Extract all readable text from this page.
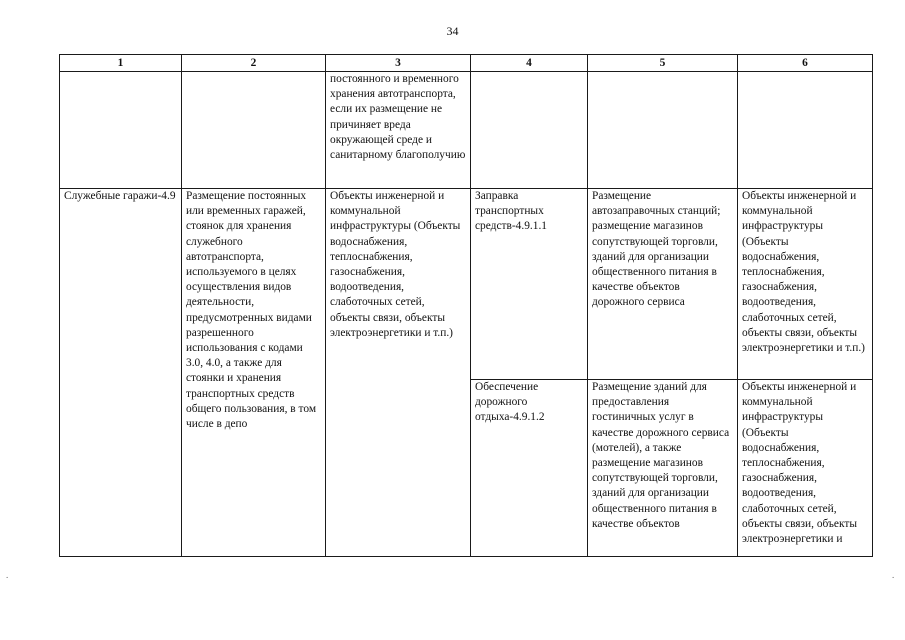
34
1	2	3	4	5	6

		постоянного и временного хранения автотранспорта, если их размещение не причиняет вреда окружающей среде и санитарному благополучию			

Служебные гаражи-4.9	Размещение постоянных или временных гаражей, стоянок для хранения служебного автотранспорта, используемого в целях осуществления видов деятельности, предусмотренных видами разрешенного использования с кодами 3.0, 4.0, а также для стоянки и хранения транспортных средств общего пользования, в том числе в депо	Объекты инженерной и коммунальной инфраструктуры (Объекты водоснабжения, теплоснабжения, газоснабжения, водоотведения, слаботочных сетей, объекты связи, объекты электроэнергетики и т.п.)	Заправка транспортных средств-4.9.1.1	Размещение автозаправочных станций; размещение магазинов сопутствующей торговли, зданий для организации общественного питания в качестве объектов дорожного сервиса	Объекты инженерной и коммунальной инфраструктуры (Объекты водоснабжения, теплоснабжения, газоснабжения, водоотведения, слаботочных сетей, объекты связи, объекты электроэнергетики и т.п.)

			Обеспечение дорожного отдыха-4.9.1.2	Размещение зданий для предоставления гостиничных услуг в качестве дорожного сервиса (мотелей), а также размещение магазинов сопутствующей торговли, зданий для организации общественного питания в качестве объектов	Объекты инженерной и коммунальной инфраструктуры (Объекты водоснабжения, теплоснабжения, газоснабжения, водоотведения, слаботочных сетей, объекты связи, объекты электроэнергетики и
.	.
